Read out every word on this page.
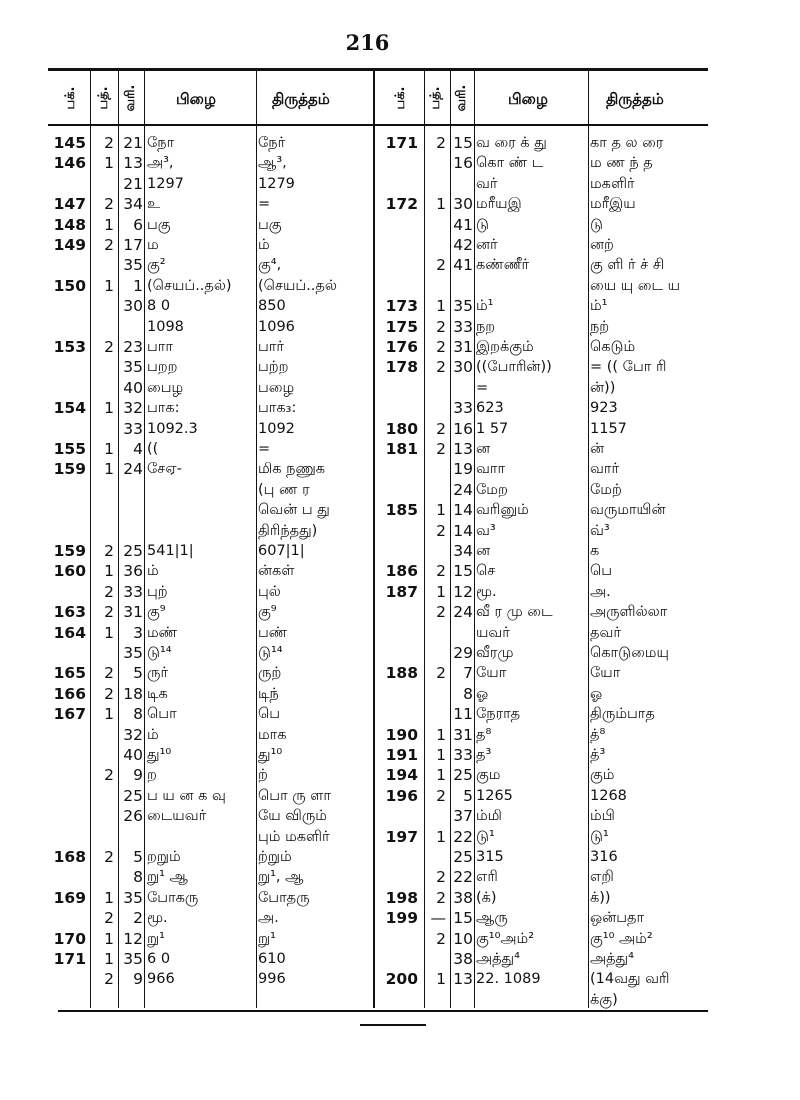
216
பக். பத். வரி.	பிழை	திருத்தம்	பக். பத். வரி.	பிழை	திருத்தம்
145	2 21 நோ	நேர்
146	1 13 அ³,	ஆ³,
21 1297	1279
147	2 34 உ	=
148	1	6 பகு	பகு
149	2 17 ம	ம்
35 கு²	கு⁴,
150	1	1 (செயப்..தல்)	(செயப்..தல்
30 8 0	850
1098	1096
153	2 23 பாா	பார்
35 பறற	பற்ற
40 பைழ	பழை
154	1 32 பாக:	பாக₃:
33 1092.3	1092
155	1	4 ((	=
159	1 24 சேஏ-	மிக நணுக
(பு ண ர
வென் ப து
திரிந்தது)
159	2 25 541|1|	607|1|
160	1 36 ம்	ன்கள்
2 33 புற்	புல்
163	2 31 கு⁹	கு⁹
164	1	3 மண்	பண்
35 டு¹⁴	டு¹⁴
165	2	5 ரு‌ர்	ருற்
166	2 18 டிக	டிந்
167	1	8 பொ	பெ
32 ம்	மாக
40 து¹⁰	து¹⁰
2	9 ற	ற்
25 ப ய ன க வு	பொ ரு ளா
26 டையவர்	யே விரும்
பும் மகளிர்
168	2	5 றறும்	ற்றும்
8 று¹ ஆ	று¹, ஆ
169	1 35 போகரு	போதரு
2	2 மூ.	அ.
170	1 12 று¹	று¹
171	1 35 6 0	610
2	9 966	996
171	2 15 வ ரை க் து	கா த ல ரை
16 கொ ண் ட	ம ண ந் த
வர்	மகளிர்
172	1 30 மரீயஇ	மரீஇய
41 டு	டு
42 னர்	னற்
2 41 கண்ணீர்	கு ளி ர் ச் சி
யை யு டை ய
173	1 35 ம்¹	ம்¹
175	2 33 நற	நற்
176	2 31 இறக்கும்	கெடும்
178	2 30 ((போரின்))	= (( போ ரி
=	ன்))
33 623	923
180	2 16 1 57	1157
181	2 13 ன	ன்
19 வாா	வார்
24 மேற	மேற்
185	1 14 வரினும்	வருமாயின்
2 14 வ³	வ்³
34 ன	க
186	2 15 செ	பெ
187	1 12 மூ.	அ.
2 24 வீ ர மு டை	அருளில்லா
யவர்	தவர்
29 வீரமு	கொடுமையு
188	2	7 யோ	யோ
8 ஓ	ஓ
11 நேராத	திரும்பாத
190	1 31 த⁸	த்⁸
191	1 33 த³	த்³
194	1 25 கும	கும்
196	2	5 1265	1268
37 ம்மி	ம்பி
197	1 22 டு¹	டு¹
25 315	316
2 22 எரி	எறி
198	2 38 (க்)	க்))
199 — 15 ஆரு	ஒன்பதா
2 10 கு¹⁰அம்²	கு¹⁰ அம்²
38 அத்து⁴	அத்து⁴
200	1 13 22. 1089	(14வது வரி
க்கு)
